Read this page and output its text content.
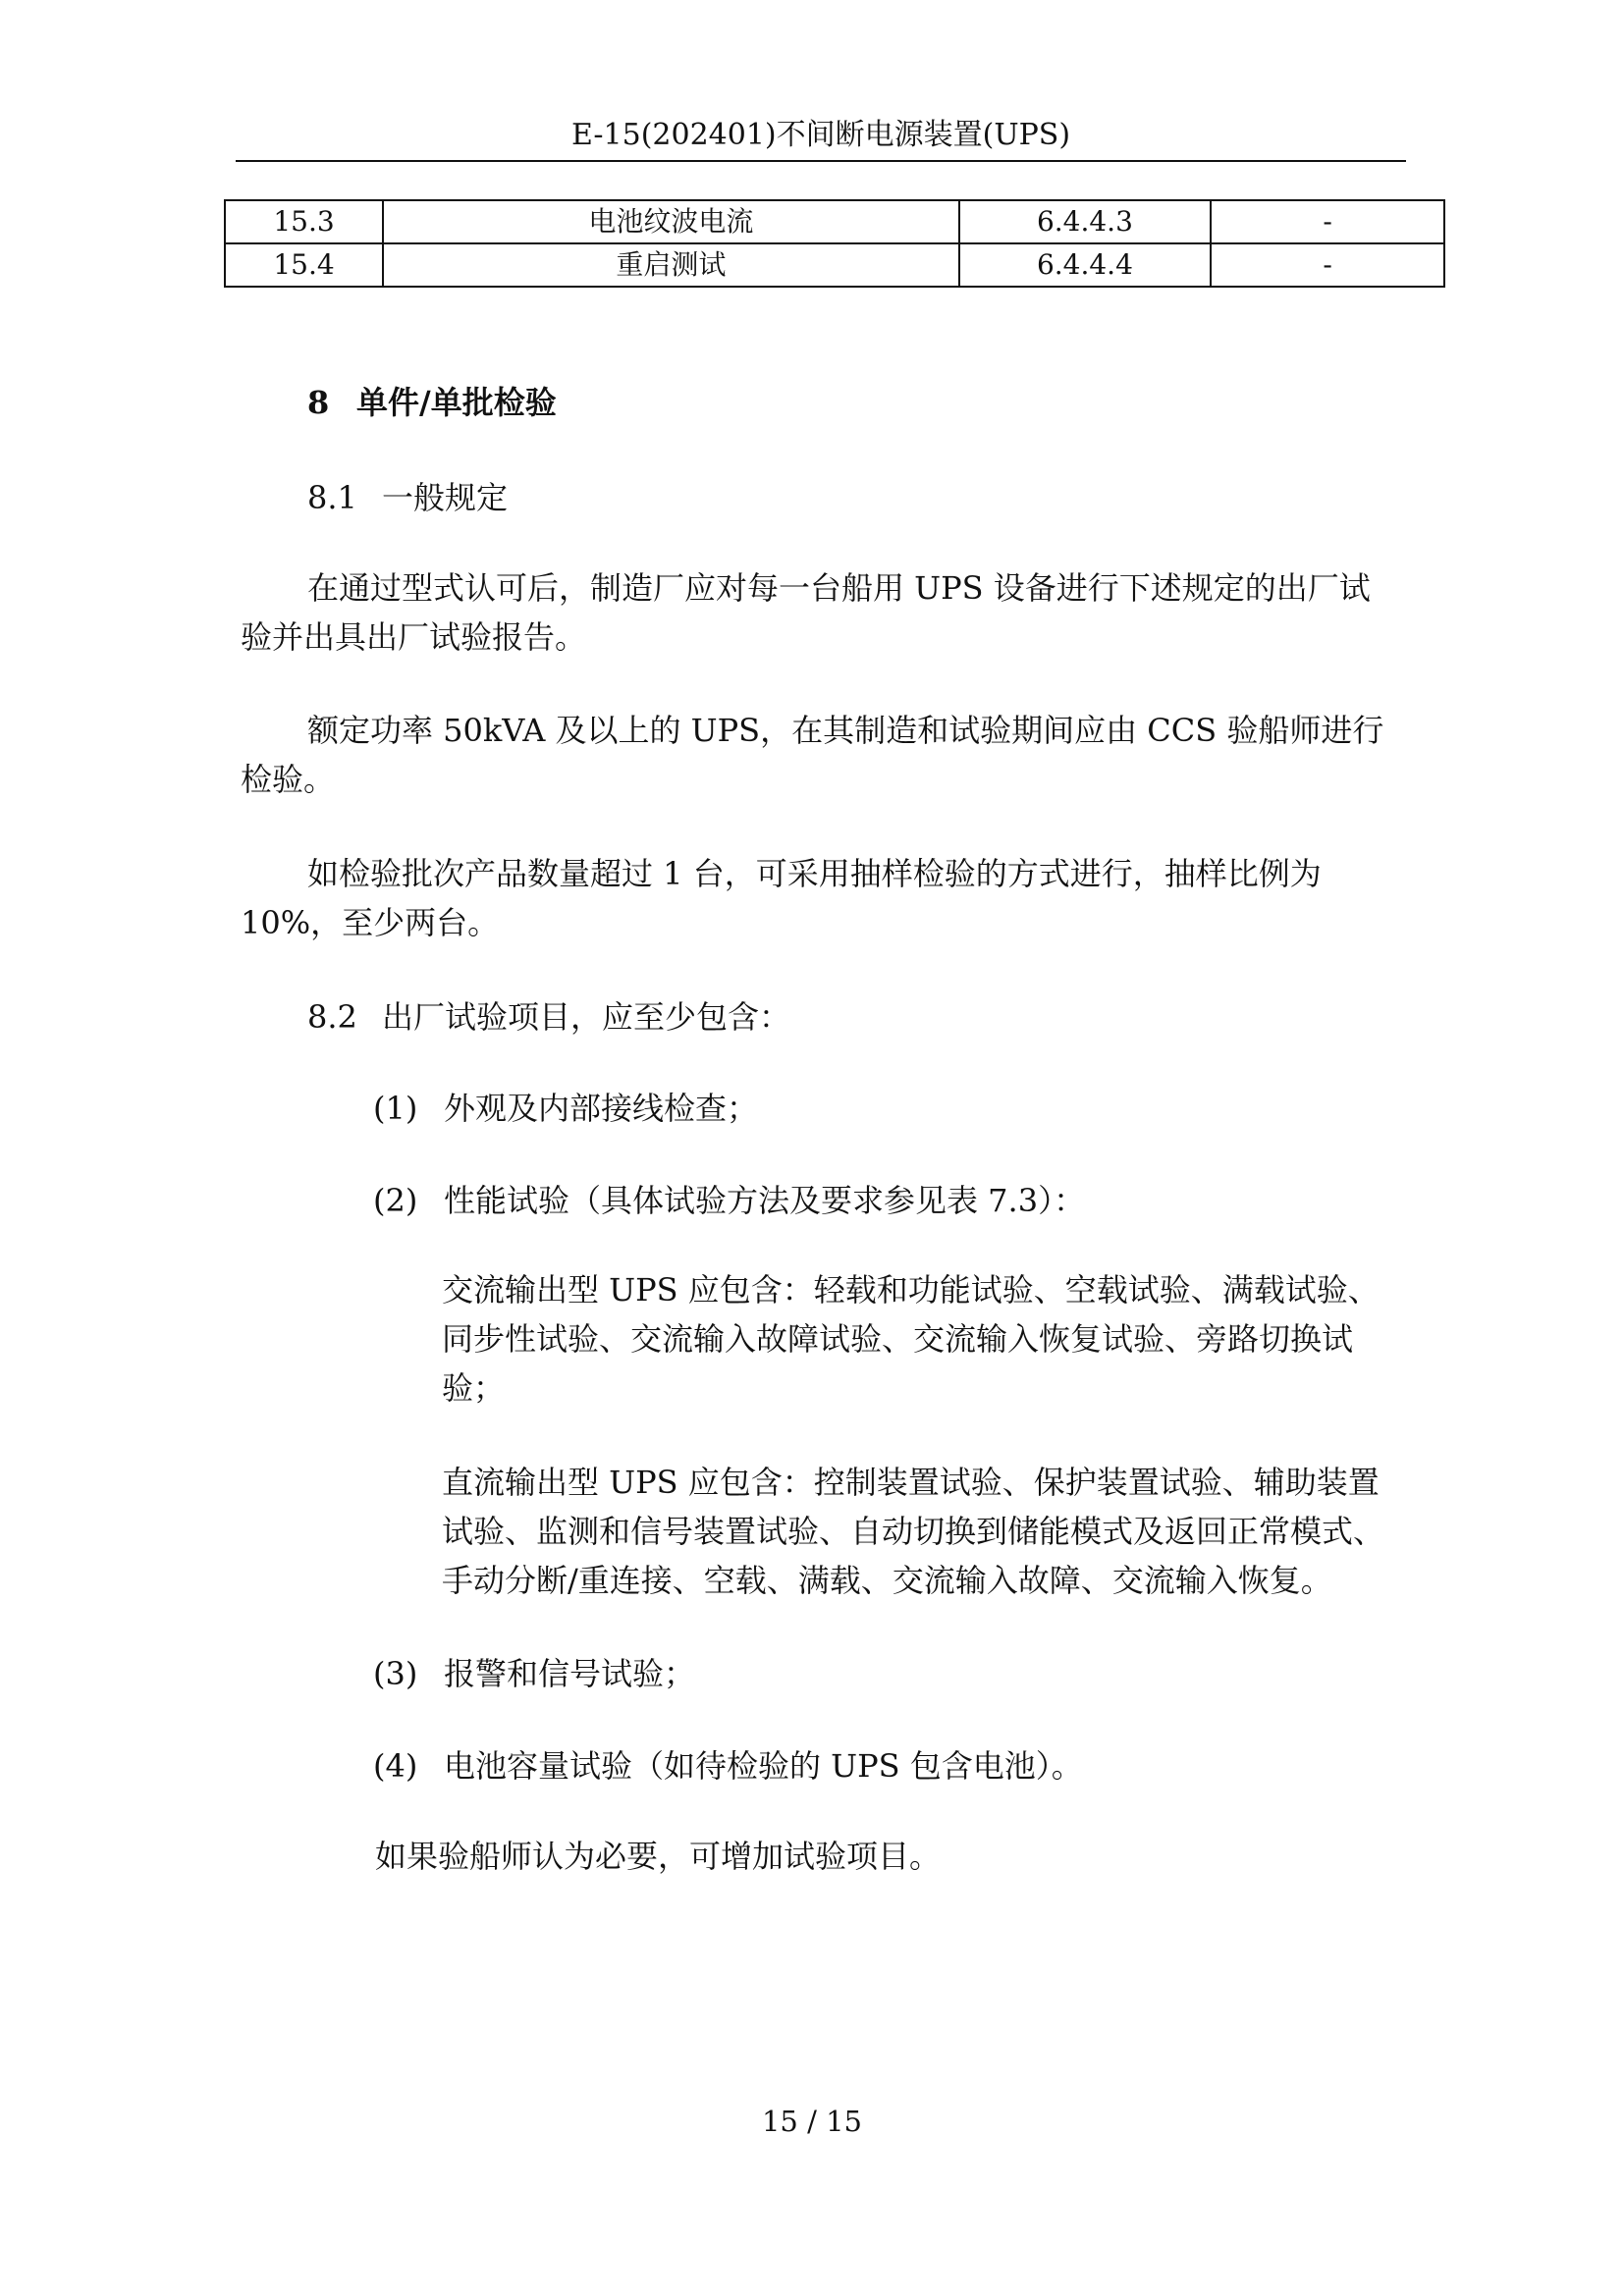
E-15(202401)不间断电源装置(UPS)
15.3	电池纹波电流	6.4.4.3	-
15.4	重启测试	6.4.4.4	-
8 单件/单批检验
8.1 一般规定

在通过型式认可后，制造厂应对每一台船用 UPS 设备进行下述规定的出厂试验并出具出厂试验报告。

额定功率 50kVA 及以上的 UPS，在其制造和试验期间应由 CCS 验船师进行检验。

如检验批次产品数量超过 1 台，可采用抽样检验的方式进行，抽样比例为10%，至少两台。

8.2 出厂试验项目，应至少包含：
(1) 外观及内部接线检查；
(2) 性能试验（具体试验方法及要求参见表 7.3）：

交流输出型 UPS 应包含：轻载和功能试验、空载试验、满载试验、同步性试验、交流输入故障试验、交流输入恢复试验、旁路切换试验；

直流输出型 UPS 应包含：控制装置试验、保护装置试验、辅助装置试验、监测和信号装置试验、自动切换到储能模式及返回正常模式、手动分断/重连接、空载、满载、交流输入故障、交流输入恢复。

(3) 报警和信号试验；
(4) 电池容量试验（如待检验的 UPS 包含电池）。

如果验船师认为必要，可增加试验项目。

15 / 15
